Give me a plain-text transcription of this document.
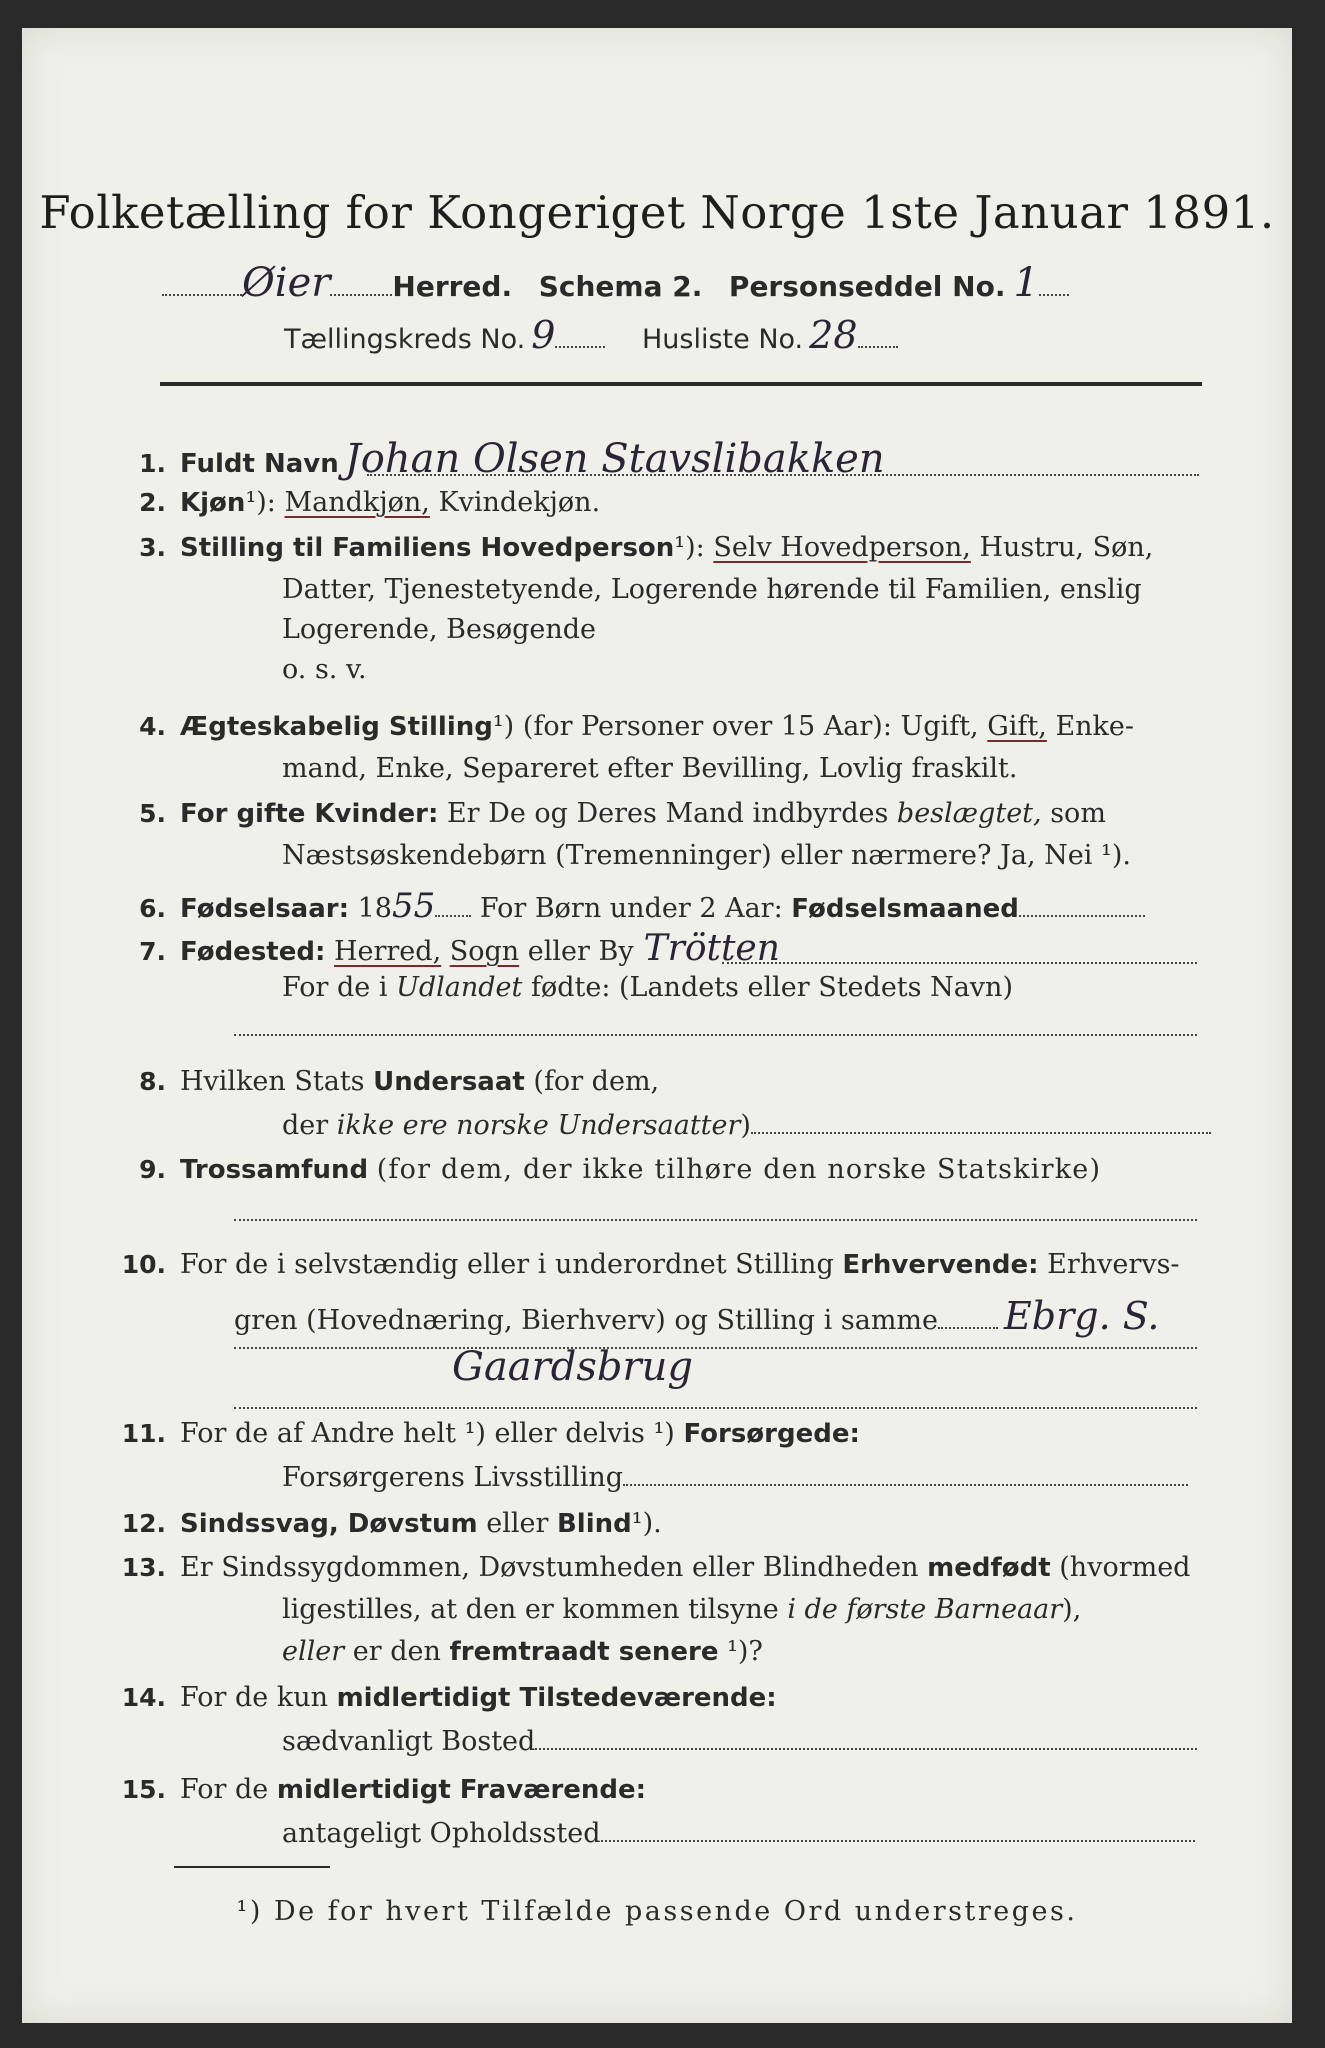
Folketælling for Kongeriget Norge 1ste Januar 1891.
Øier Herred. Schema 2. Personseddel No. 1
Tællingskreds No. 9	Husliste No. 28
1. Fuldt Navn Johan Olsen Stavslibakken
2. Kjøn¹): Mandkjøn, Kvindekjøn.
3. Stilling til Familiens Hovedperson¹): Selv Hovedperson, Hustru, Søn,
Datter, Tjenestetyende, Logerende hørende til Familien, enslig
Logerende, Besøgende
o. s. v.
4. Ægteskabelig Stilling¹) (for Personer over 15 Aar): Ugift, Gift, Enke-
mand, Enke, Separeret efter Bevilling, Lovlig fraskilt.
5. For gifte Kvinder: Er De og Deres Mand indbyrdes beslægtet, som
Næstsøskendebørn (Tremenninger) eller nærmere? Ja, Nei ¹).
6. Fødselsaar: 1855 For Børn under 2 Aar: Fødselsmaaned
7. Fødested: Herred, Sogn eller By Trötten
For de i Udlandet fødte: (Landets eller Stedets Navn)
8. Hvilken Stats Undersaat (for dem,
der ikke ere norske Undersaatter)
9. Trossamfund (for dem, der ikke tilhøre den norske Statskirke)
10. For de i selvstændig eller i underordnet Stilling Erhvervende: Erhvervs-
gren (Hovednæring, Bierhverv) og Stilling i samme Ebrg. S.
Gaardsbrug
11. For de af Andre helt ¹) eller delvis ¹) Forsørgede:
Forsørgerens Livsstilling
12. Sindssvag, Døvstum eller Blind¹).
13. Er Sindssygdommen, Døvstumheden eller Blindheden medfødt (hvormed
ligestilles, at den er kommen tilsyne i de første Barneaar),
eller er den fremtraadt senere ¹)?
14. For de kun midlertidigt Tilstedeværende:
sædvanligt Bosted
15. For de midlertidigt Fraværende:
antageligt Opholdssted
¹) De for hvert Tilfælde passende Ord understreges.
